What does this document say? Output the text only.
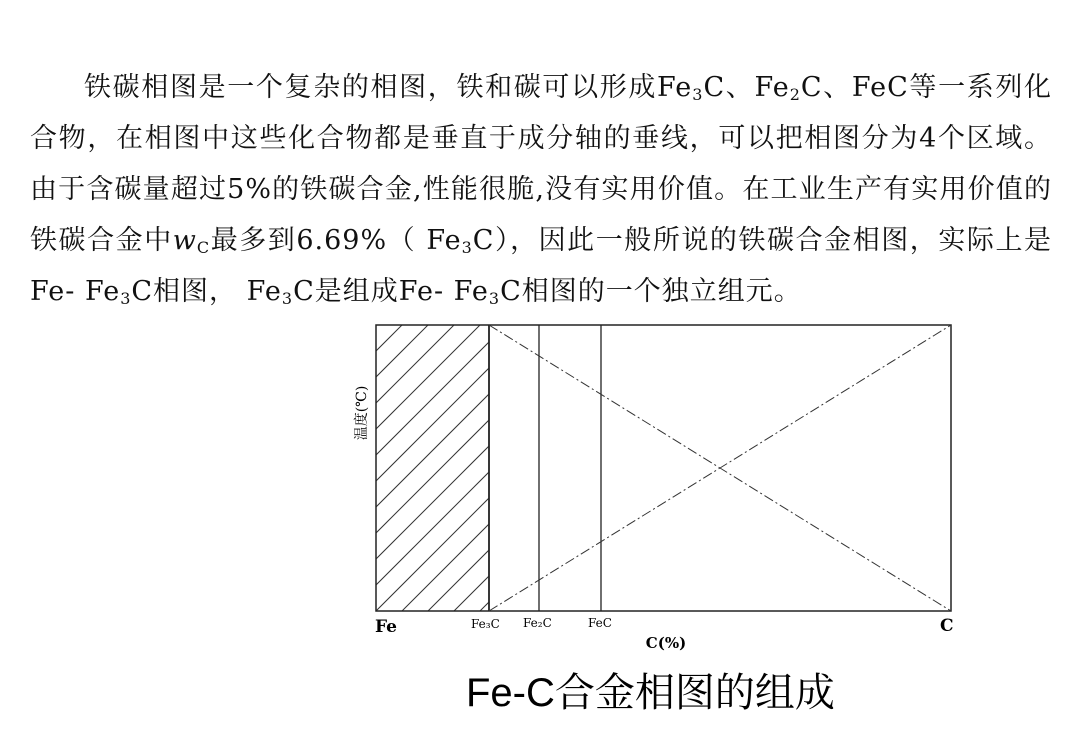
铁碳相图是一个复杂的相图，铁和碳可以形成$Fe_3C$、$Fe_2C$、FeC等一系列化合物，在相图中这些化合物都是垂直于成分轴的垂线，可以把相图分为4个区域。由于含碳量超过5%的铁碳合金,性能很脆,没有实用价值。在工业生产有实用价值的铁碳合金中$w_C$最多到6.69%（ $Fe_3C$），因此一般所说的铁碳合金相图，实际上是Fe- $Fe_3C$相图， $Fe_3C$是组成Fe- $Fe_3C$相图的一个独立组元。
温度(℃)
Fe	Fe₃C Fe₂C	FeC	C
C(%)
Fe-C合金相图的组成
